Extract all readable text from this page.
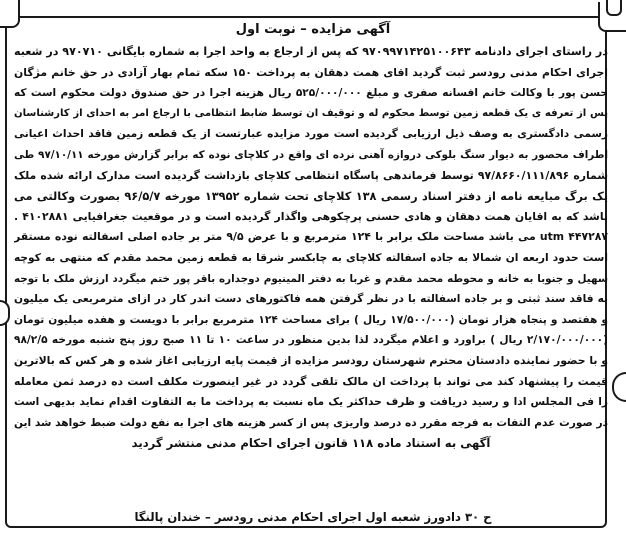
آگهی مزایده – نوبت اول
در راستای اجرای دادنامه ۹۷۰۹۹۷۱۴۲۵۱۰۰۶۴۳ که پس از ارجاع به واحد اجرا به شماره بایگانی ۹۷۰۷۱۰ در شعبه
اجرای احکام مدنی رودسر ثبت گردید اقای همت دهقان به پرداخت ۱۵۰ سکه تمام بهار آزادی در حق خانم مژگان
حسن پور با وکالت خانم افسانه صفری و مبلغ ۵۲۵/۰۰۰/۰۰۰ ریال هزینه اجرا در حق صندوق دولت محکوم است که
پس از تعرفه ی یک قطعه زمین توسط محکوم له و توقیف ان توسط ضابط انتظامی با ارجاع امر به احدای از کارشناسان
رسمی دادگستری به وصف ذیل ارزیابی گردیده است مورد مزایده عبارتست از یک قطعه زمین فاقد احداث اعیانی
اطراف محصور به دیوار سنگ بلوکی دروازه آهنی نرده ای واقع در کلاچای نوده که برابر گزارش مورخه ۹۷/۱۰/۱۱ طی
شماره ۹۷/۸۶۶۰/۱۱۱/۸۹۶ توسط فرماندهی پاسگاه انتظامی کلاچای بازداشت گردیده است مدارک ارائه شده ملک
یک برگ مبایعه نامه از دفتر اسناد رسمی ۱۳۸ کلاچای تحت شماره ۱۳۹۵۲ مورخه ۹۶/۵/۷ بصورت وکالتی می
باشد که به اقایان همت دهقان و هادی حسنی پرچکوهی واگذار گردیده است و در موقعیت جغرافیایی ۴۱۰۲۸۸۱ .
۴۴۷۲۸۷ utm می باشد مساحت ملک برابر با ۱۲۴ مترمربع و با عرض ۹/۵ متر بر جاده اصلی اسفالته نوده مستقر
است حدود اربعه ان شمالا به جاده اسفالته کلاچای به چابکسر شرقا به قطعه زمین محمد مقدم که منتهی به کوچه
سهیل و جنوبا به خانه و محوطه محمد مقدم و غربا به دفتر المینیوم دوجداره باقر پور ختم میگردد ارزش ملک با توجه
به فاقد سند ثبتی و بر جاده اسفالته با در نظر گرفتن همه فاکتورهای دست اندر کار در ازای مترمربعی یک میلیون
و هفتصد و پنجاه هزار تومان (۱۷/۵۰۰/۰۰۰ ریال ) برای مساحت ۱۲۴ مترمربع برابر با دویست و هفده میلیون تومان
(۲/۱۷۰/۰۰۰/۰۰۰ ریال ) براورد و اعلام میگردد لذا بدین منظور در ساعت ۱۰ تا ۱۱ صبح روز پنج شنبه مورخه ۹۸/۲/۵
و با حضور نماینده دادستان محترم شهرستان رودسر مزایده از قیمت پایه ارزیابی اغاز شده و هر کس که بالاترین
قیمت را پیشنهاد کند می تواند با پرداخت ان مالک تلقی گردد در غیر اینصورت مکلف است ده درصد ثمن معامله
را فی المجلس ادا و رسید دریافت و ظرف حداکثر یک ماه نسبت به پرداخت ما به التفاوت اقدام نماید بدیهی است
در صورت عدم التفات به فرجه مقرر ده درصد واریزی پس از کسر هزینه های اجرا به نفع دولت ضبط خواهد شد این
آگهی به استناد ماده ۱۱۸ قانون اجرای احکام مدنی منتشر گردید
ح ۳۰ دادورز شعبه اول اجرای احکام مدنی رودسر – خندان پالنگا
